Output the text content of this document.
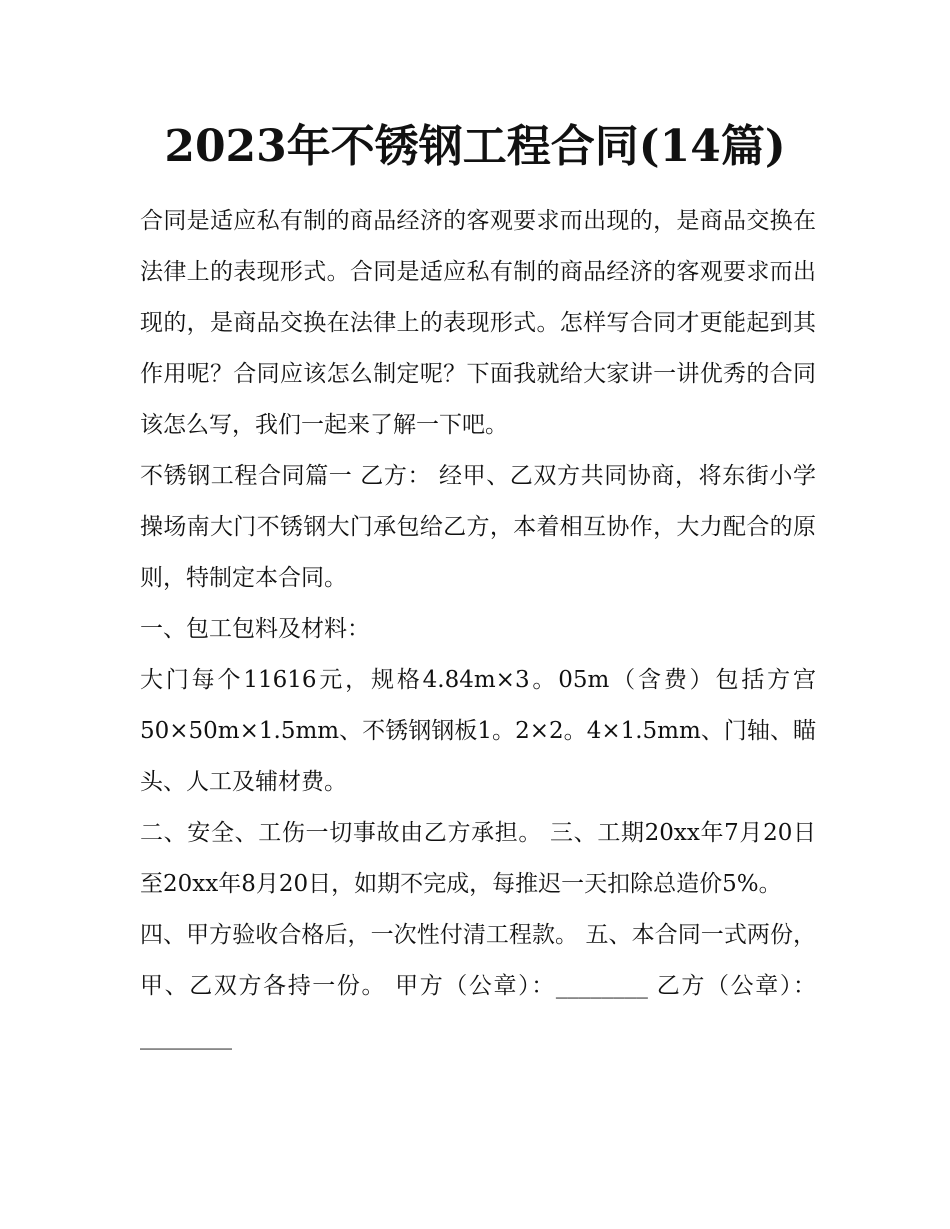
2023年不锈钢工程合同(14篇)

合同是适应私有制的商品经济的客观要求而出现的，是商品交换在法律上的表现形式。合同是适应私有制的商品经济的客观要求而出现的，是商品交换在法律上的表现形式。怎样写合同才更能起到其作用呢？合同应该怎么制定呢？下面我就给大家讲一讲优秀的合同该怎么写，我们一起来了解一下吧。

不锈钢工程合同篇一 乙方： 经甲、乙双方共同协商，将东街小学操场南大门不锈钢大门承包给乙方，本着相互协作，大力配合的原则，特制定本合同。

一、包工包料及材料：

大门每个11616元，规格4.84m×3。05m（含费）包括方宫50×50m×1.5mm、不锈钢钢板1。2×2。4×1.5mm、门轴、瞄头、人工及辅材费。

二、安全、工伤一切事故由乙方承担。 三、工期20xx年7月20日至20xx年8月20日，如期不完成，每推迟一天扣除总造价5%。

四、甲方验收合格后，一次性付清工程款。 五、本合同一式两份，甲、乙双方各持一份。 甲方（公章）：________ 乙方（公章）：________
